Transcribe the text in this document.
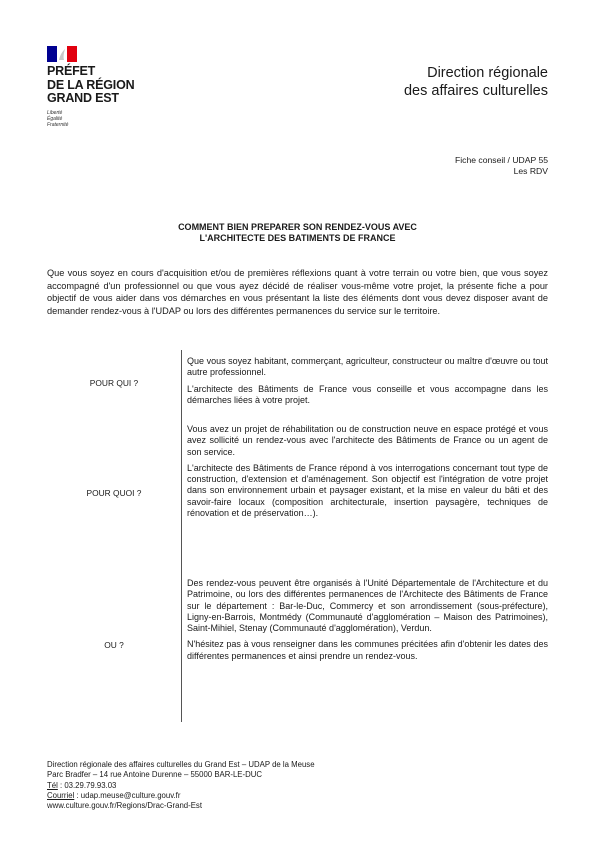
PRÉFET
DE LA RÉGION
GRAND EST
Liberté
Égalité
Fraternité
Direction régionale
des affaires culturelles
Fiche conseil / UDAP 55
Les RDV
COMMENT BIEN PREPARER SON RENDEZ-VOUS AVEC
L'ARCHITECTE DES BATIMENTS DE FRANCE
Que vous soyez en cours d'acquisition et/ou de premières réflexions quant à votre terrain ou votre bien, que vous soyez accompagné d'un professionnel ou que vous ayez décidé de réaliser vous-même votre projet, la présente fiche a pour objectif de vous aider dans vos démarches en vous présentant la liste des éléments dont vous devez disposer avant de demander rendez-vous à l'UDAP ou lors des différentes permanences du service sur le territoire.
POUR QUI ?

Que vous soyez habitant, commerçant, agriculteur, constructeur ou maître d'œuvre ou tout autre professionnel.

L'architecte des Bâtiments de France vous conseille et vous accompagne dans les démarches liées à votre projet.

POUR QUOI ?

Vous avez un projet de réhabilitation ou de construction neuve en espace protégé et vous avez sollicité un rendez-vous avec l'architecte des Bâtiments de France ou un agent de son service.

L'architecte des Bâtiments de France répond à vos interrogations concernant tout type de construction, d'extension et d'aménagement. Son objectif est l'intégration de votre projet dans son environnement urbain et paysager existant, et la mise en valeur du bâti et des savoir-faire locaux (composition architecturale, insertion paysagère, techniques de rénovation et de préservation…).

OU ?

Des rendez-vous peuvent être organisés à l'Unité Départementale de l'Architecture et du Patrimoine, ou lors des différentes permanences de l'Architecte des Bâtiments de France sur le département : Bar-le-Duc, Commercy et son arrondissement (sous-préfecture), Ligny-en-Barrois, Montmédy (Communauté d'agglomération – Maison des Patrimoines), Saint-Mihiel, Stenay (Communauté d'agglomération), Verdun.

N'hésitez pas à vous renseigner dans les communes précitées afin d'obtenir les dates des différentes permanences et ainsi prendre un rendez-vous.

Direction régionale des affaires culturelles du Grand Est – UDAP de la Meuse
Parc Bradfer – 14 rue Antoine Durenne – 55000 BAR-LE-DUC
Tél : 03.29.79.93.03
Courriel : udap.meuse@culture.gouv.fr
www.culture.gouv.fr/Regions/Drac-Grand-Est
